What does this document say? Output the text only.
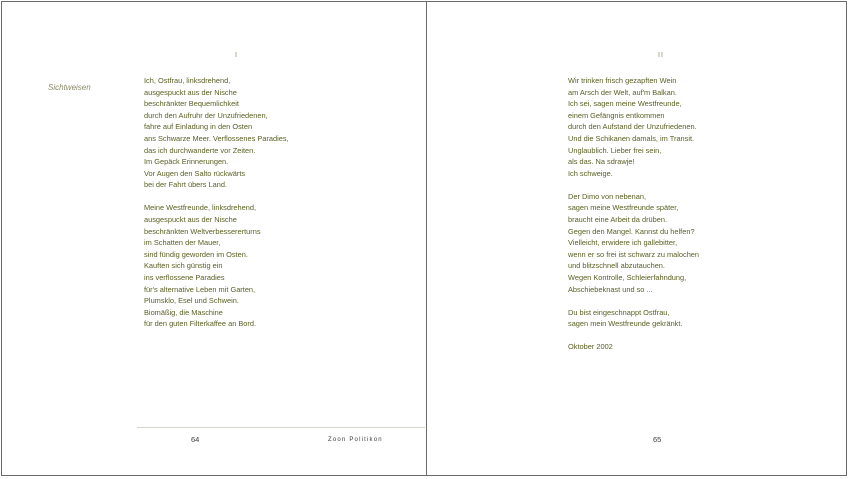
I
Sichtweisen
Ich, Ostfrau, linksdrehend,
ausgespuckt aus der Nische
beschränkter Bequemlichkeit
durch den Aufruhr der Unzufriedenen,
fahre auf Einladung in den Osten
ans Schwarze Meer. Verflossenes Paradies,
das ich durchwanderte vor Zeiten.
Im Gepäck Erinnerungen.
Vor Augen den Salto rückwärts
bei der Fahrt übers Land.
Meine Westfreunde, linksdrehend,
ausgespuckt aus der Nische
beschränkten Weltverbessererturns
im Schatten der Mauer,
sind fündig geworden im Osten.
Kauften sich günstig ein
ins verflossene Paradies
für's alternative Leben mit Garten,
Plumsklo, Esel und Schwein.
Biomäßig, die Maschine
für den guten Filterkaffee an Bord.
64	Zoon Politikon
II
Wir trinken frisch gezapften Wein
am Arsch der Welt, auf'm Balkan.
Ich sei, sagen meine Westfreunde,
einem Gefängnis entkommen
durch den Aufstand der Unzufriedenen.
Und die Schikanen damals, im Transit.
Unglaublich. Lieber frei sein,
als das. Na sdrawje!
Ich schweige.
Der Dimo von nebenan,
sagen meine Westfreunde später,
braucht eine Arbeit da drüben.
Gegen den Mangel. Kannst du helfen?
Vielleicht, erwidere ich gallebitter,
wenn er so frei ist schwarz zu malochen
und blitzschnell abzutauchen.
Wegen Kontrolle, Schleierfahndung,
Abschiebeknast und so ...
Du bist eingeschnappt Ostfrau,
sagen mein Westfreunde gekränkt.
Oktober 2002
65
